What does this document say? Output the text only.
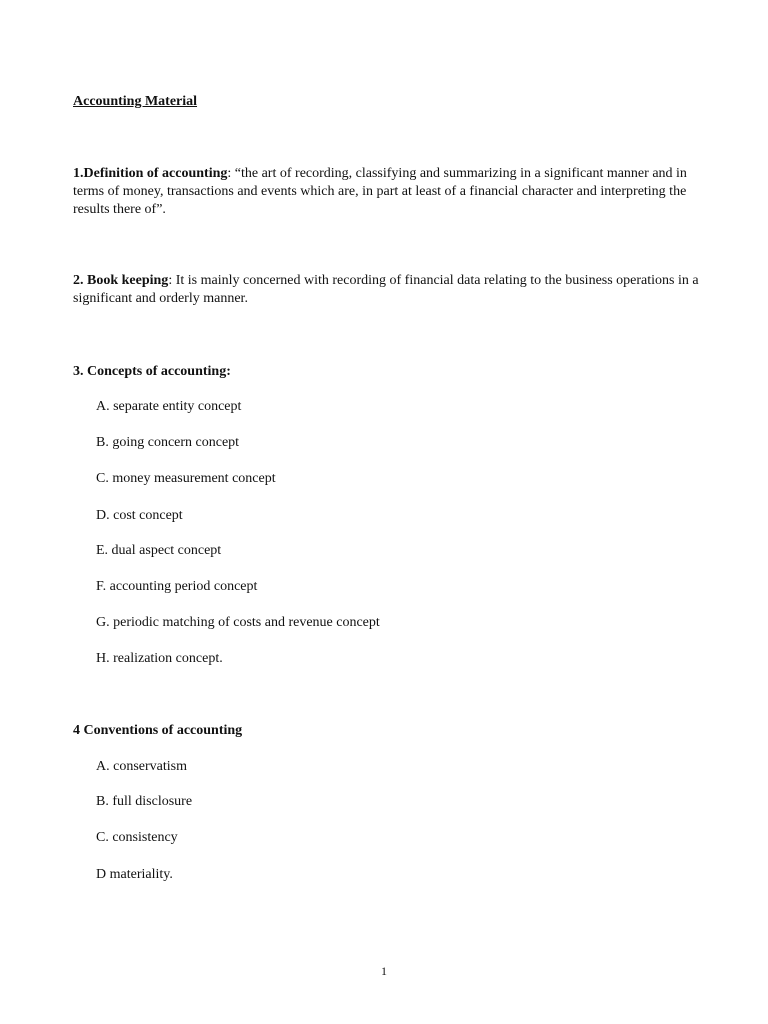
Accounting Material
1.Definition of accounting: “the art of recording, classifying and summarizing in a significant manner and in terms of money, transactions and events which are, in part at least of a financial character and interpreting the results there of”.
2. Book keeping: It is mainly concerned with recording of financial data relating to the business operations in a significant and orderly manner.
3. Concepts of accounting:
A. separate entity concept
B. going concern concept
C. money measurement concept
D. cost concept
E. dual aspect concept
F. accounting period concept
G. periodic matching of costs and revenue concept
H. realization concept.
4 Conventions of accounting
A. conservatism
B. full disclosure
C. consistency
D materiality.
1
